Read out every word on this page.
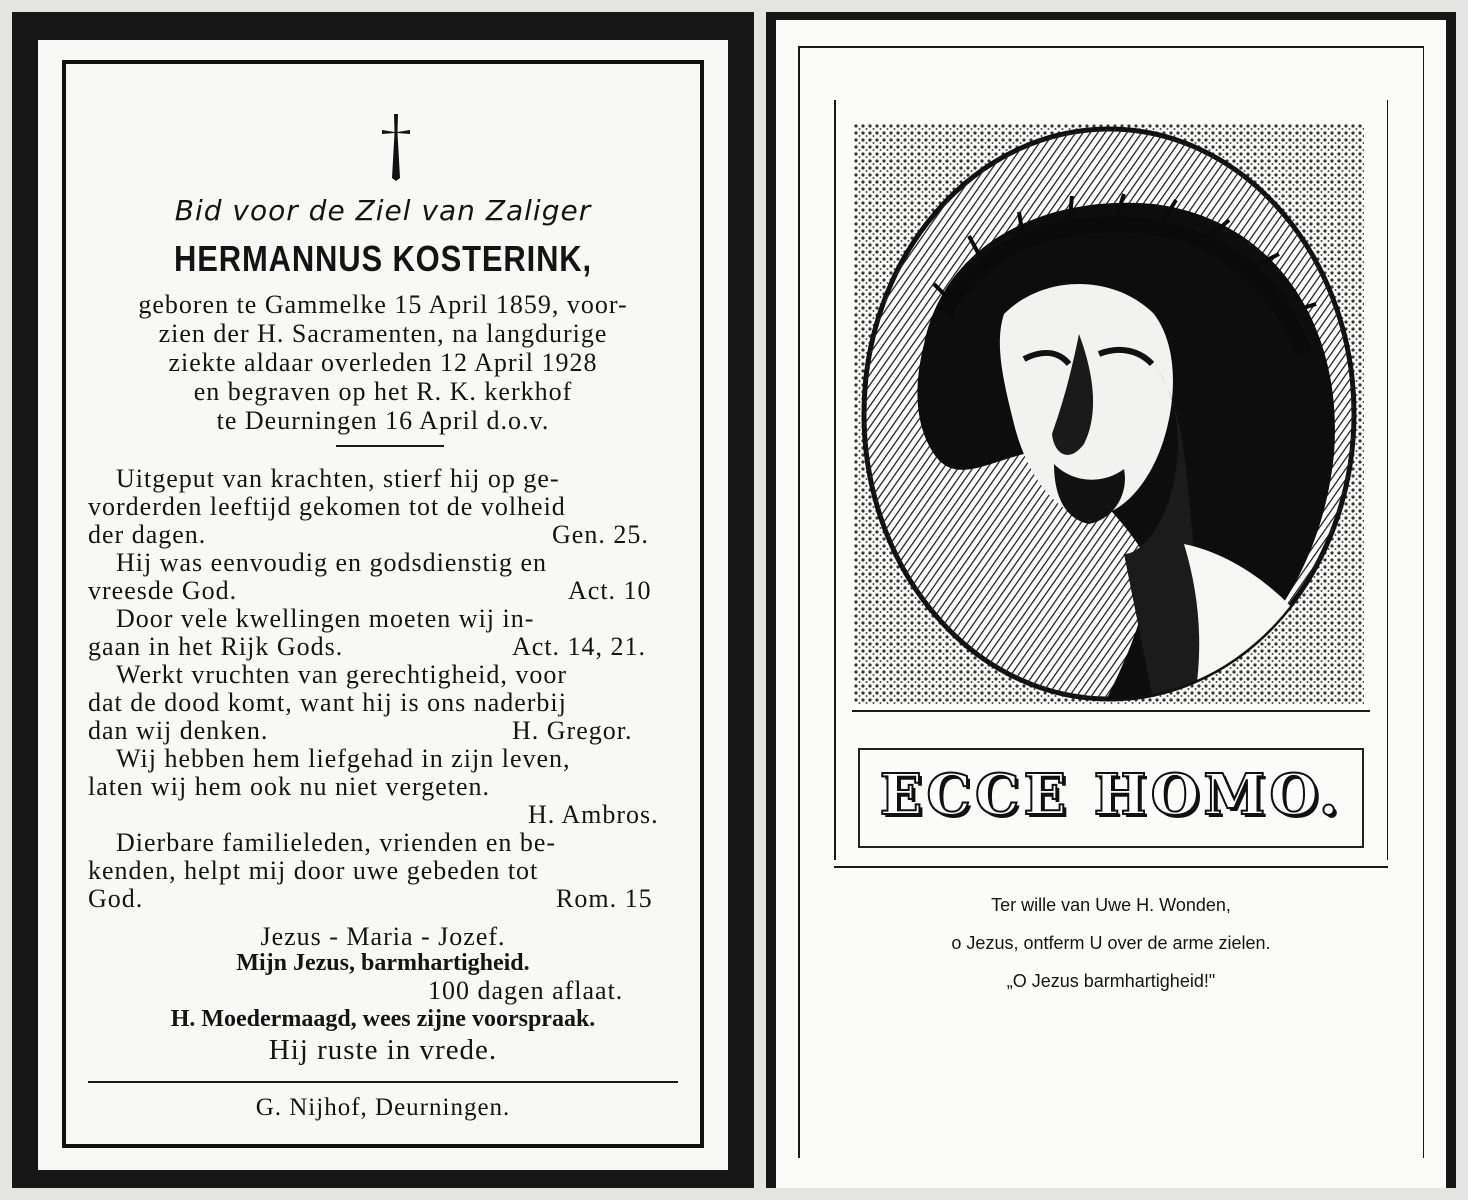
Bid voor de Ziel van Zaliger
HERMANNUS KOSTERINK,
geboren te Gammelke 15 April 1859, voor-
zien der H. Sacramenten, na langdurige
ziekte aldaar overleden 12 April 1928
en begraven op het R. K. kerkhof
te Deurningen 16 April d.o.v.
Uitgeput van krachten, stierf hij op ge-
vorderden leeftijd gekomen tot de volheid
der dagen.	Gen. 25.
Hij was eenvoudig en godsdienstig en
vreesde God.	Act. 10
Door vele kwellingen moeten wij in-
gaan in het Rijk Gods.	Act. 14, 21.
Werkt vruchten van gerechtigheid, voor
dat de dood komt, want hij is ons naderbij
dan wij denken.	H. Gregor.
Wij hebben hem liefgehad in zijn leven,
laten wij hem ook nu niet vergeten.
H. Ambros.
Dierbare familieleden, vrienden en be-
kenden, helpt mij door uwe gebeden tot
God.	Rom. 15
Jezus - Maria - Jozef.
Mijn Jezus, barmhartigheid.
100 dagen aflaat.
H. Moedermaagd, wees zijne voorspraak.
Hij ruste in vrede.
G. Nijhof, Deurningen.
ECCE HOMO.
Ter wille van Uwe H. Wonden,
o Jezus, ontferm U over de arme zielen.
„O Jezus barmhartigheid!"
